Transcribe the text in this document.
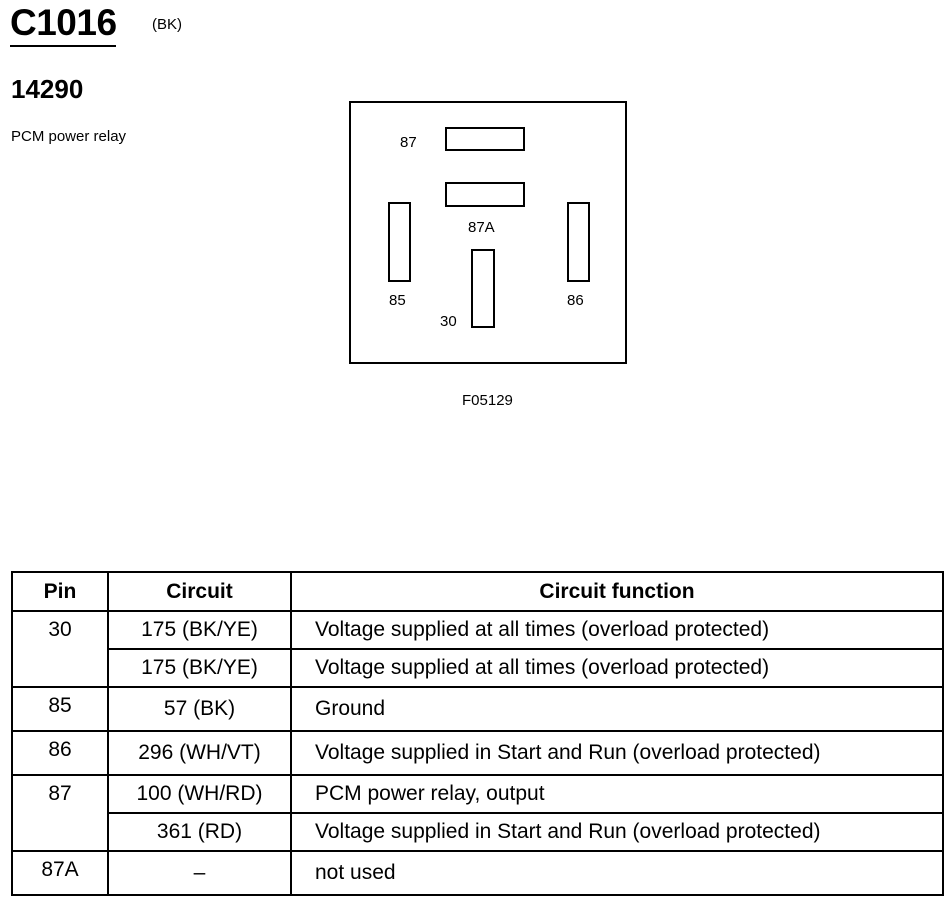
C1016 (BK)
14290
PCM power relay	87
87A
85	86
30
F05129
Pin	Circuit	Circuit function
30	175 (BK/YE)	Voltage supplied at all times (overload protected)
	175 (BK/YE)	Voltage supplied at all times (overload protected)
85	57 (BK)	Ground
86	296 (WH/VT)	Voltage supplied in Start and Run (overload protected)
87	100 (WH/RD)	PCM power relay, output
	361 (RD)	Voltage supplied in Start and Run (overload protected)
87A	–	not used
